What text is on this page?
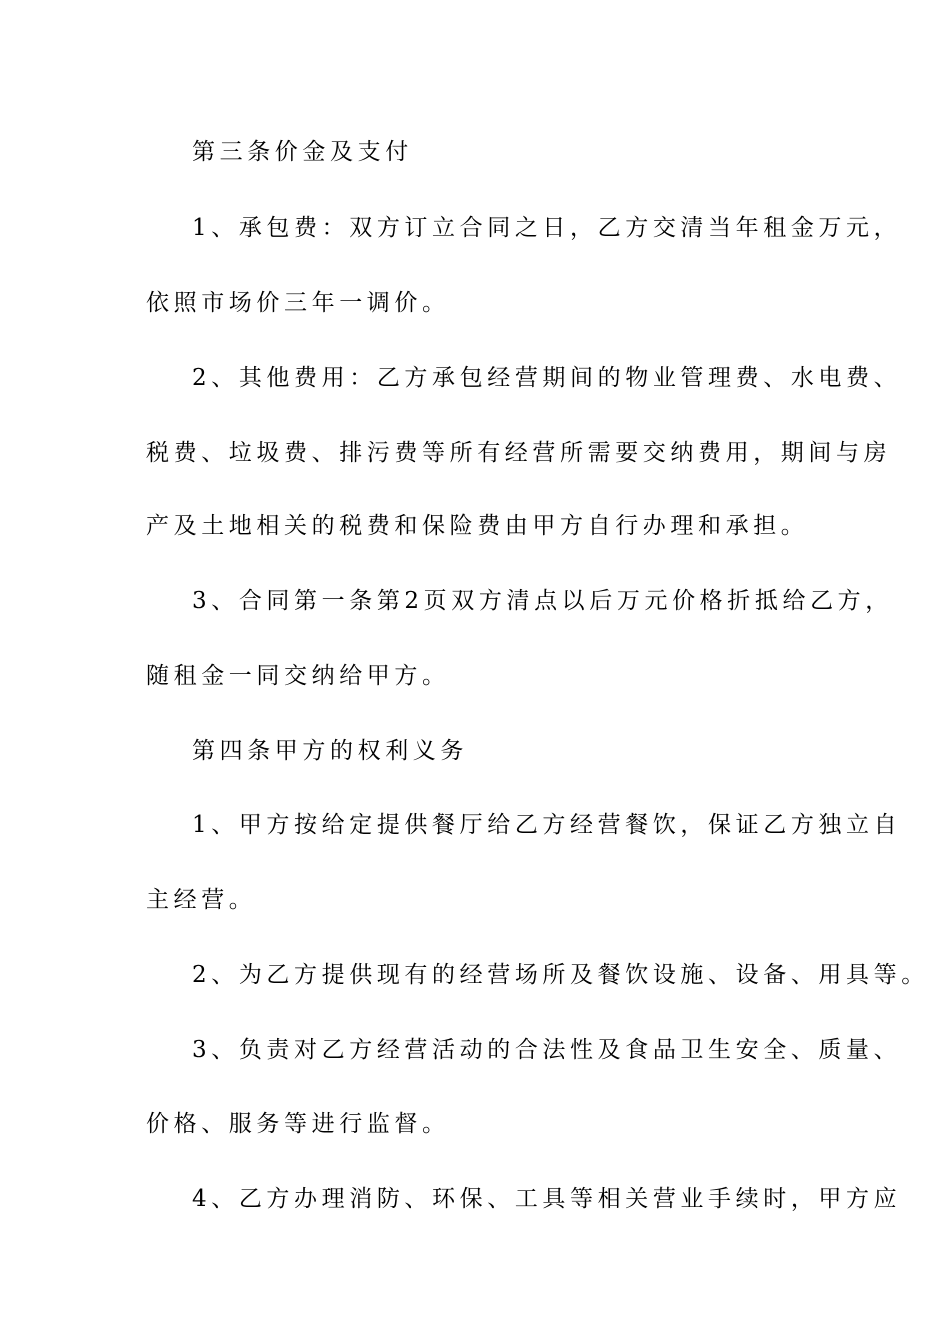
第三条价金及支付
1、承包费：双方订立合同之日，乙方交清当年租金万元，
依照市场价三年一调价。
2、其他费用：乙方承包经营期间的物业管理费、水电费、
税费、垃圾费、排污费等所有经营所需要交纳费用，期间与房
产及土地相关的税费和保险费由甲方自行办理和承担。
3、合同第一条第2页双方清点以后万元价格折抵给乙方，
随租金一同交纳给甲方。
第四条甲方的权利义务
1、甲方按给定提供餐厅给乙方经营餐饮，保证乙方独立自
主经营。
2、为乙方提供现有的经营场所及餐饮设施、设备、用具等。
3、负责对乙方经营活动的合法性及食品卫生安全、质量、
价格、服务等进行监督。
4、乙方办理消防、环保、工具等相关营业手续时，甲方应
